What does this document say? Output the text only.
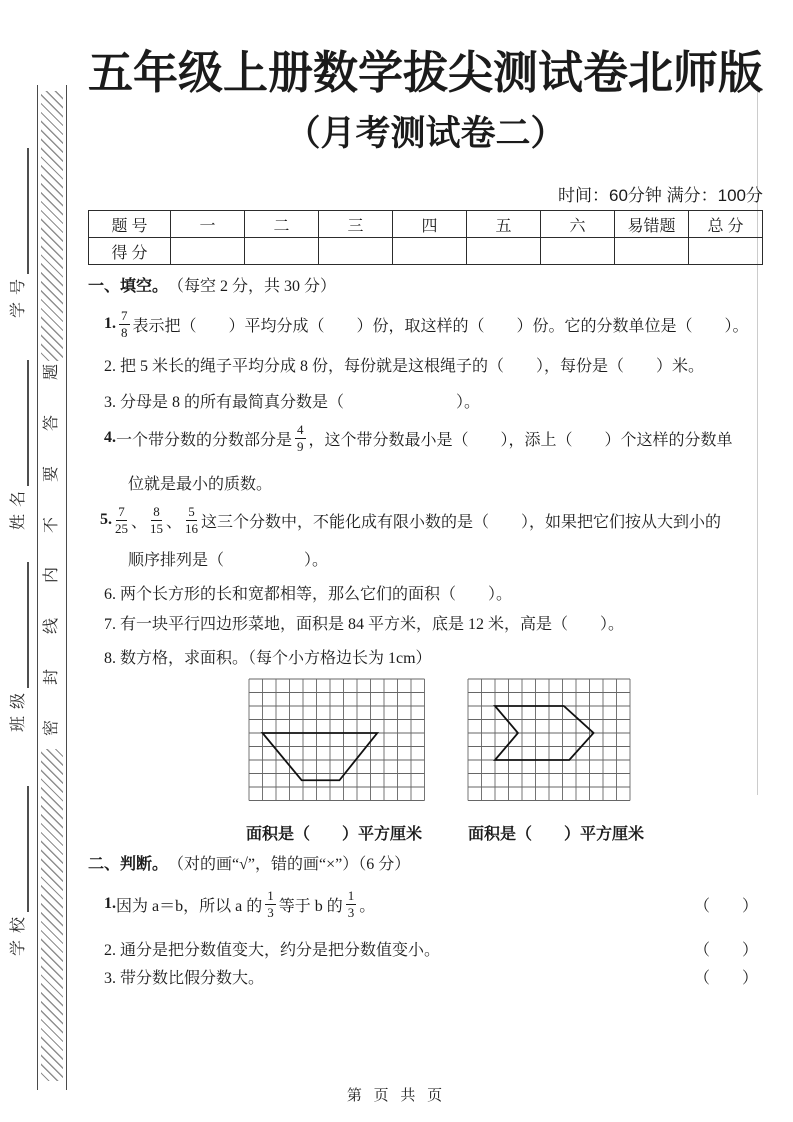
号
学
名
姓
级
班
校
学
题
答
要
不
内
线
封
密
五年级上册数学拔尖测试卷北师版
（月考测试卷二）
时间：60分钟 满分：100分
题 号	一	二	三	四	五	六	易错题	总 分
得 分								
一、填空。 （每空 2 分，共 30 分）
1. $\frac{7}{8}$ 表示把（　　）平均分成（　　）份，取这样的（　　）份。它的分数单位是（　　）。
2. 把 5 米长的绳子平均分成 8 份，每份就是这根绳子的（　　），每份是（　　）米。
3. 分母是 8 的所有最简真分数是（　　　　　　　）。
4. 一个带分数的分数部分是 $\frac{4}{9}$ ，这个带分数最小是（　　），添上（　　）个这样的分数单
位就是最小的质数。
5. $\frac{7}{25}$ 、 $\frac{8}{15}$ 、 $\frac{5}{16}$ 这三个分数中，不能化成有限小数的是（　　），如果把它们按从大到小的
顺序排列是（　　　　　）。
6. 两个长方形的长和宽都相等，那么它们的面积（　　）。
7. 有一块平行四边形菜地，面积是 84 平方米，底是 12 米，高是（　　）。
8. 数方格，求面积。（每个小方格边长为 1cm）
面积是（　　）平方厘米	面积是（　　）平方厘米
二、判断。 （对的画“√”，错的画“×”）（6 分）
1. 因为 a＝b，所以 a 的 $\frac{1}{3}$ 等于 b 的 $\frac{1}{3}$ 。	（　　）
2. 通分是把分数值变大，约分是把分数值变小。	（　　）
3. 带分数比假分数大。	（　　）
第 页 共 页
